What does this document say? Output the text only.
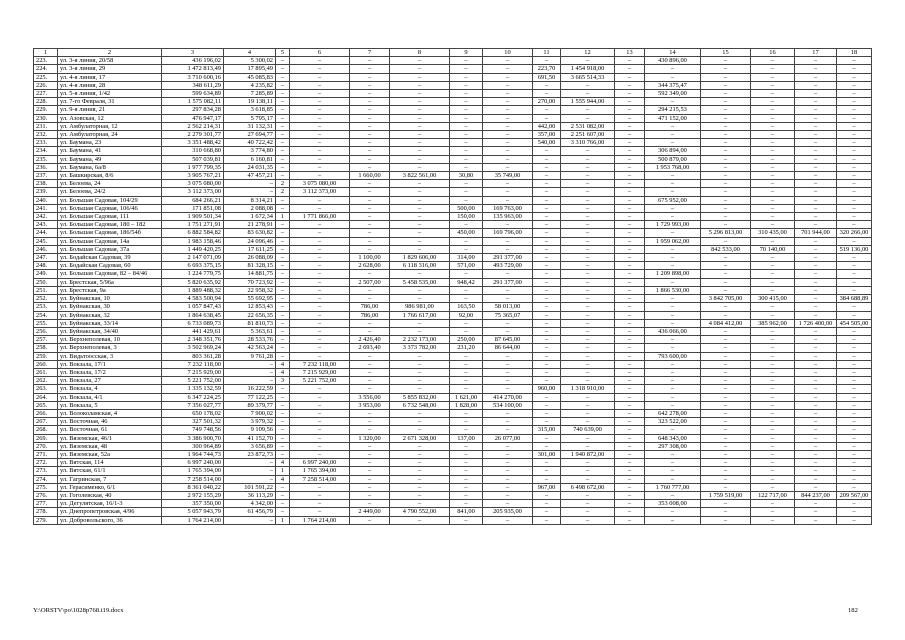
1	2	3	4	5	6	7	8	9	10	11	12	13	14	15	16	17	18
223.	ул. 3-я линия, 20/58	436 196,02	5 300,02	–	–	–	–	–	–	–	–	–	430 896,00	–	–	–	–
224.	ул. 3-я линия, 29	1 472 813,49	17 895,49	–	–	–	–	–	–	223,70	1 454 918,00	–	–	–	–	–	–
225.	ул. 4-я линия, 17	3 710 600,16	45 085,83	–	–	–	–	–	–	691,50	3 665 514,33	–	–	–	–	–	–
226.	ул. 4-я линия, 28	348 611,29	4 235,82	–	–	–	–	–	–	–	–	–	344 375,47	–	–	–	–
227.	ул. 5-я линия, 1/42	599 634,89	7 285,89	–	–	–	–	–	–	–	–	–	592 349,00	–	–	–	–
228.	ул. 7-го Февраля, 31	1 575 082,11	19 138,11	–	–	–	–	–	–	270,00	1 555 944,00	–	–	–	–	–	–
229.	ул. 9-я линия, 21	297 834,28	3 618,85	–	–	–	–	–	–	–	–	–	294 215,53	–	–	–	–
230.	ул. Азовская, 12	476 947,17	5 795,17	–	–	–	–	–	–	–	–	–	471 152,00	–	–	–	–
231.	ул. Амбулаторная, 12	2 562 214,31	31 132,31	–	–	–	–	–	–	442,00	2 531 082,00	–	–	–	–	–	–
232.	ул. Амбулаторная, 24	2 279 301,77	27 694,77	–	–	–	–	–	–	357,00	2 251 607,00	–	–	–	–	–	–
233.	ул. Баумана, 23	3 351 488,42	40 722,42	–	–	–	–	–	–	540,00	3 310 766,00	–	–	–	–	–	–
234.	ул. Баумана, 41	310 668,80	3 774,80	–	–	–	–	–	–	–	–	–	306 894,00	–	–	–	–
235.	ул. Баумана, 49	507 039,81	6 160,81	–	–	–	–	–	–	–	–	–	500 879,00	–	–	–	–
236.	ул. Баумана, 6а/8	1 977 799,35	24 031,35	–	–	–	–	–	–	–	–	–	1 953 768,00	–	–	–	–
237.	ул. Башкирская, 8/6	3 905 767,21	47 457,21	–	–	1 660,00	3 822 561,00	30,80	35 749,00	–	–	–	–	–	–	–	–
238.	ул. Белоева, 24	3 075 080,00	–	2	3 075 080,00	–	–	–	–	–	–	–	–	–	–	–	–
239.	ул. Белоева, 24/2	3 112 373,00	–	2	3 112 373,00	–	–	–	–	–	–	–	–	–	–	–	–
240.	ул. Большая Садовая, 104/29	684 266,21	8 314,21	–	–	–	–	–	–	–	–	–	675 952,00	–	–	–	–
241.	ул. Большая Садовая, 106/46	171 851,08	2 088,08	–	–	–	–	500,00	169 763,00	–	–	–	–	–	–	–	–
242.	ул. Большая Садовая, 111	1 909 501,34	1 672,34	1	1 771 866,00	–	–	150,00	135 963,00	–	–	–	–	–	–	–	–
243.	ул. Большая Садовая, 180 – 182	1 751 271,91	21 278,91	–	–	–	–	–	–	–	–	–	1 729 993,00	–	–	–	–
244.	ул. Большая Садовая, 186/54б	6 882 584,82	83 630,82	–	–	–	–	450,00	169 796,00	–	–	–	–	5 296 813,00	310 435,00	701 944,00	320 266,00
245.	ул. Большая Садовая, 14а	1 983 158,46	24 096,46	–	–	–	–	–	–	–	–	–	1 959 062,00	–	–	–	–
246.	ул. Большая Садовая, 37а	1 449 420,25	17 611,25	–	–	–	–	–	–	–	–	–	–	842 533,00	70 140,00	–	519 136,00
247.	ул. Бодайская Садовая, 39	2 147 071,09	26 088,09	–	–	1 100,00	1 829 606,00	314,00	291 377,00	–	–	–	–	–	–	–	–
248.	ул. Бодайская Садовая, 60	6 693 375,15	81 328,15	–	–	2 628,00	6 118 316,00	571,00	493 729,00	–	–	–	–	–	–	–	–
249.	ул. Большая Садовая, 82 – 84/46	1 224 779,75	14 881,75	–	–	–	–	–	–	–	–	–	1 209 898,00	–	–	–	–
250.	ул. Брестская, 5/96а	5 820 635,92	70 723,92	–	–	2 507,00	5 458 535,00	948,42	291 377,00	–	–	–	–	–	–	–	–
251.	ул. Брестская, 9а	1 889 488,32	22 958,32	–	–	–	–	–	–	–	–	–	1 866 530,00	–	–	–	–
252.	ул. Буйнакская, 10	4 583 500,94	55 692,95	–	–	–	–	–	–	–	–	–	–	3 842 705,00	300 415,00	–	384 688,89
253.	ул. Буйнакская, 30	1 057 847,43	12 853,43	–	–	786,00	986 981,00	163,50	58 013,00	–	–	–	–	–	–	–	–
254.	ул. Буйнакская, 32	1 864 638,45	22 656,35	–	–	786,00	1 766 617,00	92,00	75 365,07	–	–	–	–	–	–	–	–
255.	ул. Буйнакская, 33/14	6 733 089,73	81 810,73	–	–	–	–	–	–	–	–	–	–	4 084 412,00	385 962,00	1 726 400,00	454 505,00
256.	ул. Буйнакская, 34/40	441 429,61	5 363,61	–	–	–	–	–	–	–	–	–	436 066,00	–	–	–	–
257.	ул. Верхнеполевая, 10	2 348 351,76	28 533,76	–	–	2 426,40	2 232 173,00	250,00	87 645,00	–	–	–	–	–	–	–	–
258.	ул. Верхнеполевая, 3	3 502 969,24	42 563,24	–	–	2 693,40	3 373 782,00	231,20	86 644,00	–	–	–	–	–	–	–	–
259.	ул. Видьтоосская, 3	803 361,28	9 761,28	–	–	–	–	–	–	–	–	–	793 600,00	–	–	–	–
260.	ул. Вокзала, 17/1	7 232 118,00	–	4	7 232 118,00	–	–	–	–	–	–	–	–	–	–	–	–
261.	ул. Вокзала, 17/2	7 215 929,00	–	4	7 215 929,00	–	–	–	–	–	–	–	–	–	–	–	–
262.	ул. Вокзала, 27	5 221 752,00	–	3	5 221 752,00	–	–	–	–	–	–	–	–	–	–	–	–
263.	ул. Вокзала, 4	1 335 132,59	16 222,59	–	–	–	–	–	–	960,00	1 318 910,00	–	–	–	–	–	–
264.	ул. Вокзала, 4/1	6 347 224,25	77 122,25	–	–	3 556,00	5 855 832,00	1 621,00	414 270,00	–	–	–	–	–	–	–	–
265.	ул. Вокзала, 5	7 356 027,77	89 379,77	–	–	3 953,00	6 732 548,00	1 828,00	534 100,00	–	–	–	–	–	–	–	–
266.	ул. Волоколамская, 4	650 178,02	7 900,02	–	–	–	–	–	–	–	–	–	642 278,00	–	–	–	–
267.	ул. Восточная, 46	327 501,32	3 979,32	–	–	–	–	–	–	–	–	–	323 522,00	–	–	–	–
268.	ул. Восточная, 61	749 748,56	9 109,56	–	–	–	–	–	–	315,00	740 639,00	–	–	–	–	–	–
269.	ул. Вяземская, 46/1	3 386 900,70	41 152,70	–	–	1 320,00	2 671 328,00	137,00	26 077,00	–	–	–	648 343,00	–	–	–	–
270.	ул. Вяземская, 48	300 964,89	3 656,89	–	–	–	–	–	–	–	–	–	297 308,00	–	–	–	–
271.	ул. Вяземская, 52а	1 964 744,73	23 872,73	–	–	–	–	–	–	301,00	1 940 872,00	–	–	–	–	–	–
272.	ул. Вятская, 114	6 997 240,00	–	4	6 997 240,00	–	–	–	–	–	–	–	–	–	–	–	–
273.	ул. Вятская, 61/1	1 765 394,00	–	1	1 765 394,00	–	–	–	–	–	–	–	–	–	–	–	–
274.	ул. Гагринская, 7	7 258 514,00	–	4	7 258 514,00	–	–	–	–	–	–	–	–	–	–	–	–
275.	ул. Герасименко, 6/1	8 361 040,22	101 591,22	–	–	–	–	–	–	967,00	6 498 672,00	–	1 760 777,00	–	–	–	–
276.	ул. Гоголевская, 40	2 972 155,29	36 113,29	–	–	–	–	–	–	–	–	–	–	1 759 519,00	122 717,00	844 237,00	209 567,00
277.	ул. Дегулятская, 16/1-3	357 350,00	4 342,00	–	–	–	–	–	–	–	–	–	353 008,00	–	–	–	–
278.	ул. Днепропетровская, 4/96	5 057 943,79	61 456,79	–	–	2 449,00	4 790 552,00	841,00	205 935,00	–	–	–	–	–	–	–	–
279.	ул. Добровольского, 36	1 764 214,00	–	1	1 764 214,00	–	–	–	–	–	–	–	–	–	–	–	–
Y:\ORSTV\po\1028p768.t19.docx	182
